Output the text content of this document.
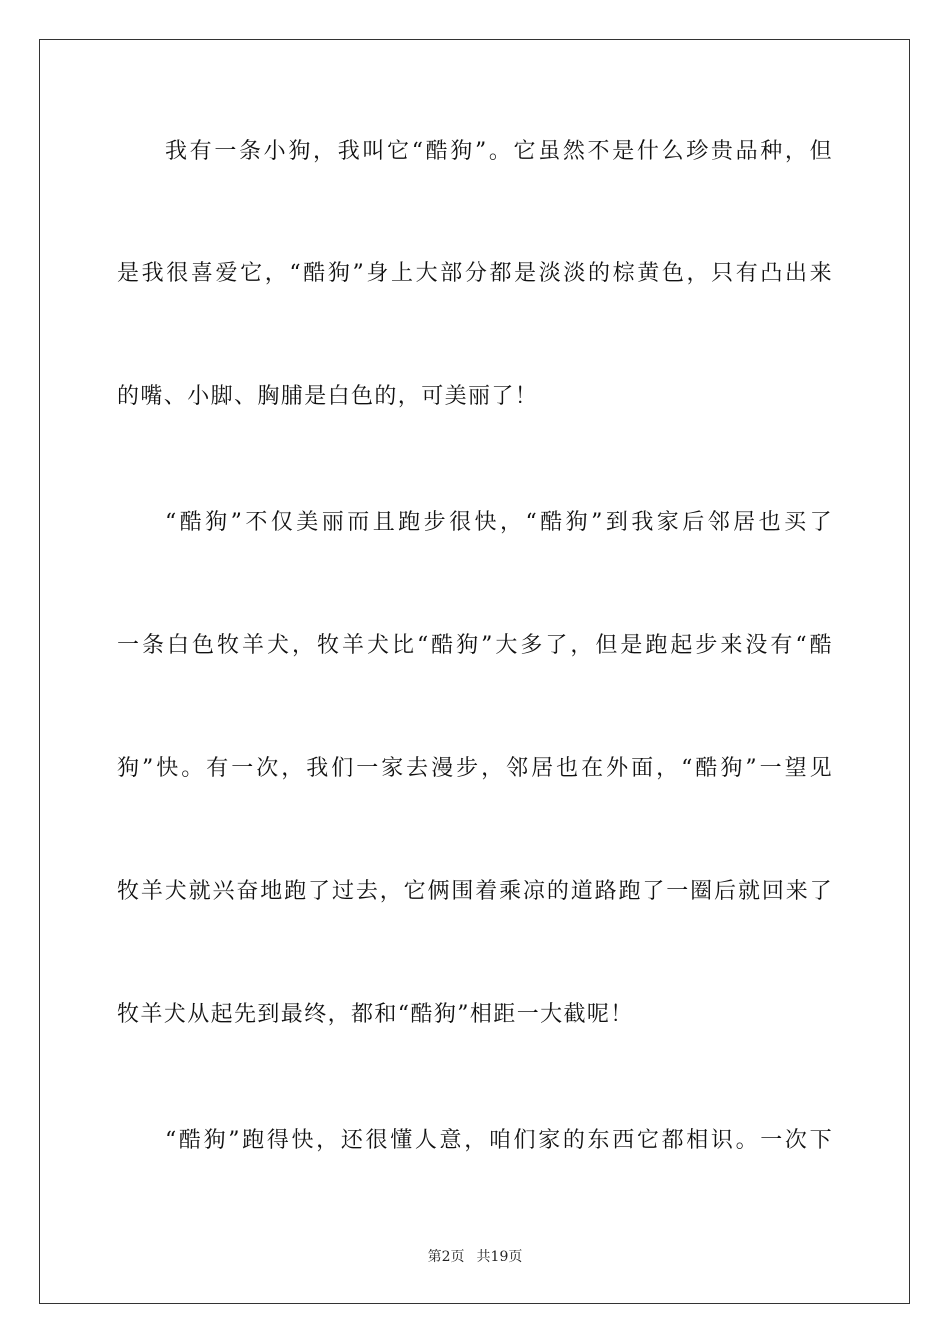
我有一条小狗，我叫它“酷狗”。它虽然不是什么珍贵品种，但
是我很喜爱它，“酷狗”身上大部分都是淡淡的棕黄色，只有凸出来
的嘴、小脚、胸脯是白色的，可美丽了！
“酷狗”不仅美丽而且跑步很快，“酷狗”到我家后邻居也买了
一条白色牧羊犬，牧羊犬比“酷狗”大多了，但是跑起步来没有“酷
狗”快。有一次，我们一家去漫步，邻居也在外面，“酷狗”一望见
牧羊犬就兴奋地跑了过去，它俩围着乘凉的道路跑了一圈后就回来了
牧羊犬从起先到最终，都和“酷狗”相距一大截呢！
“酷狗”跑得快，还很懂人意，咱们家的东西它都相识。一次下
第2页 共19页
